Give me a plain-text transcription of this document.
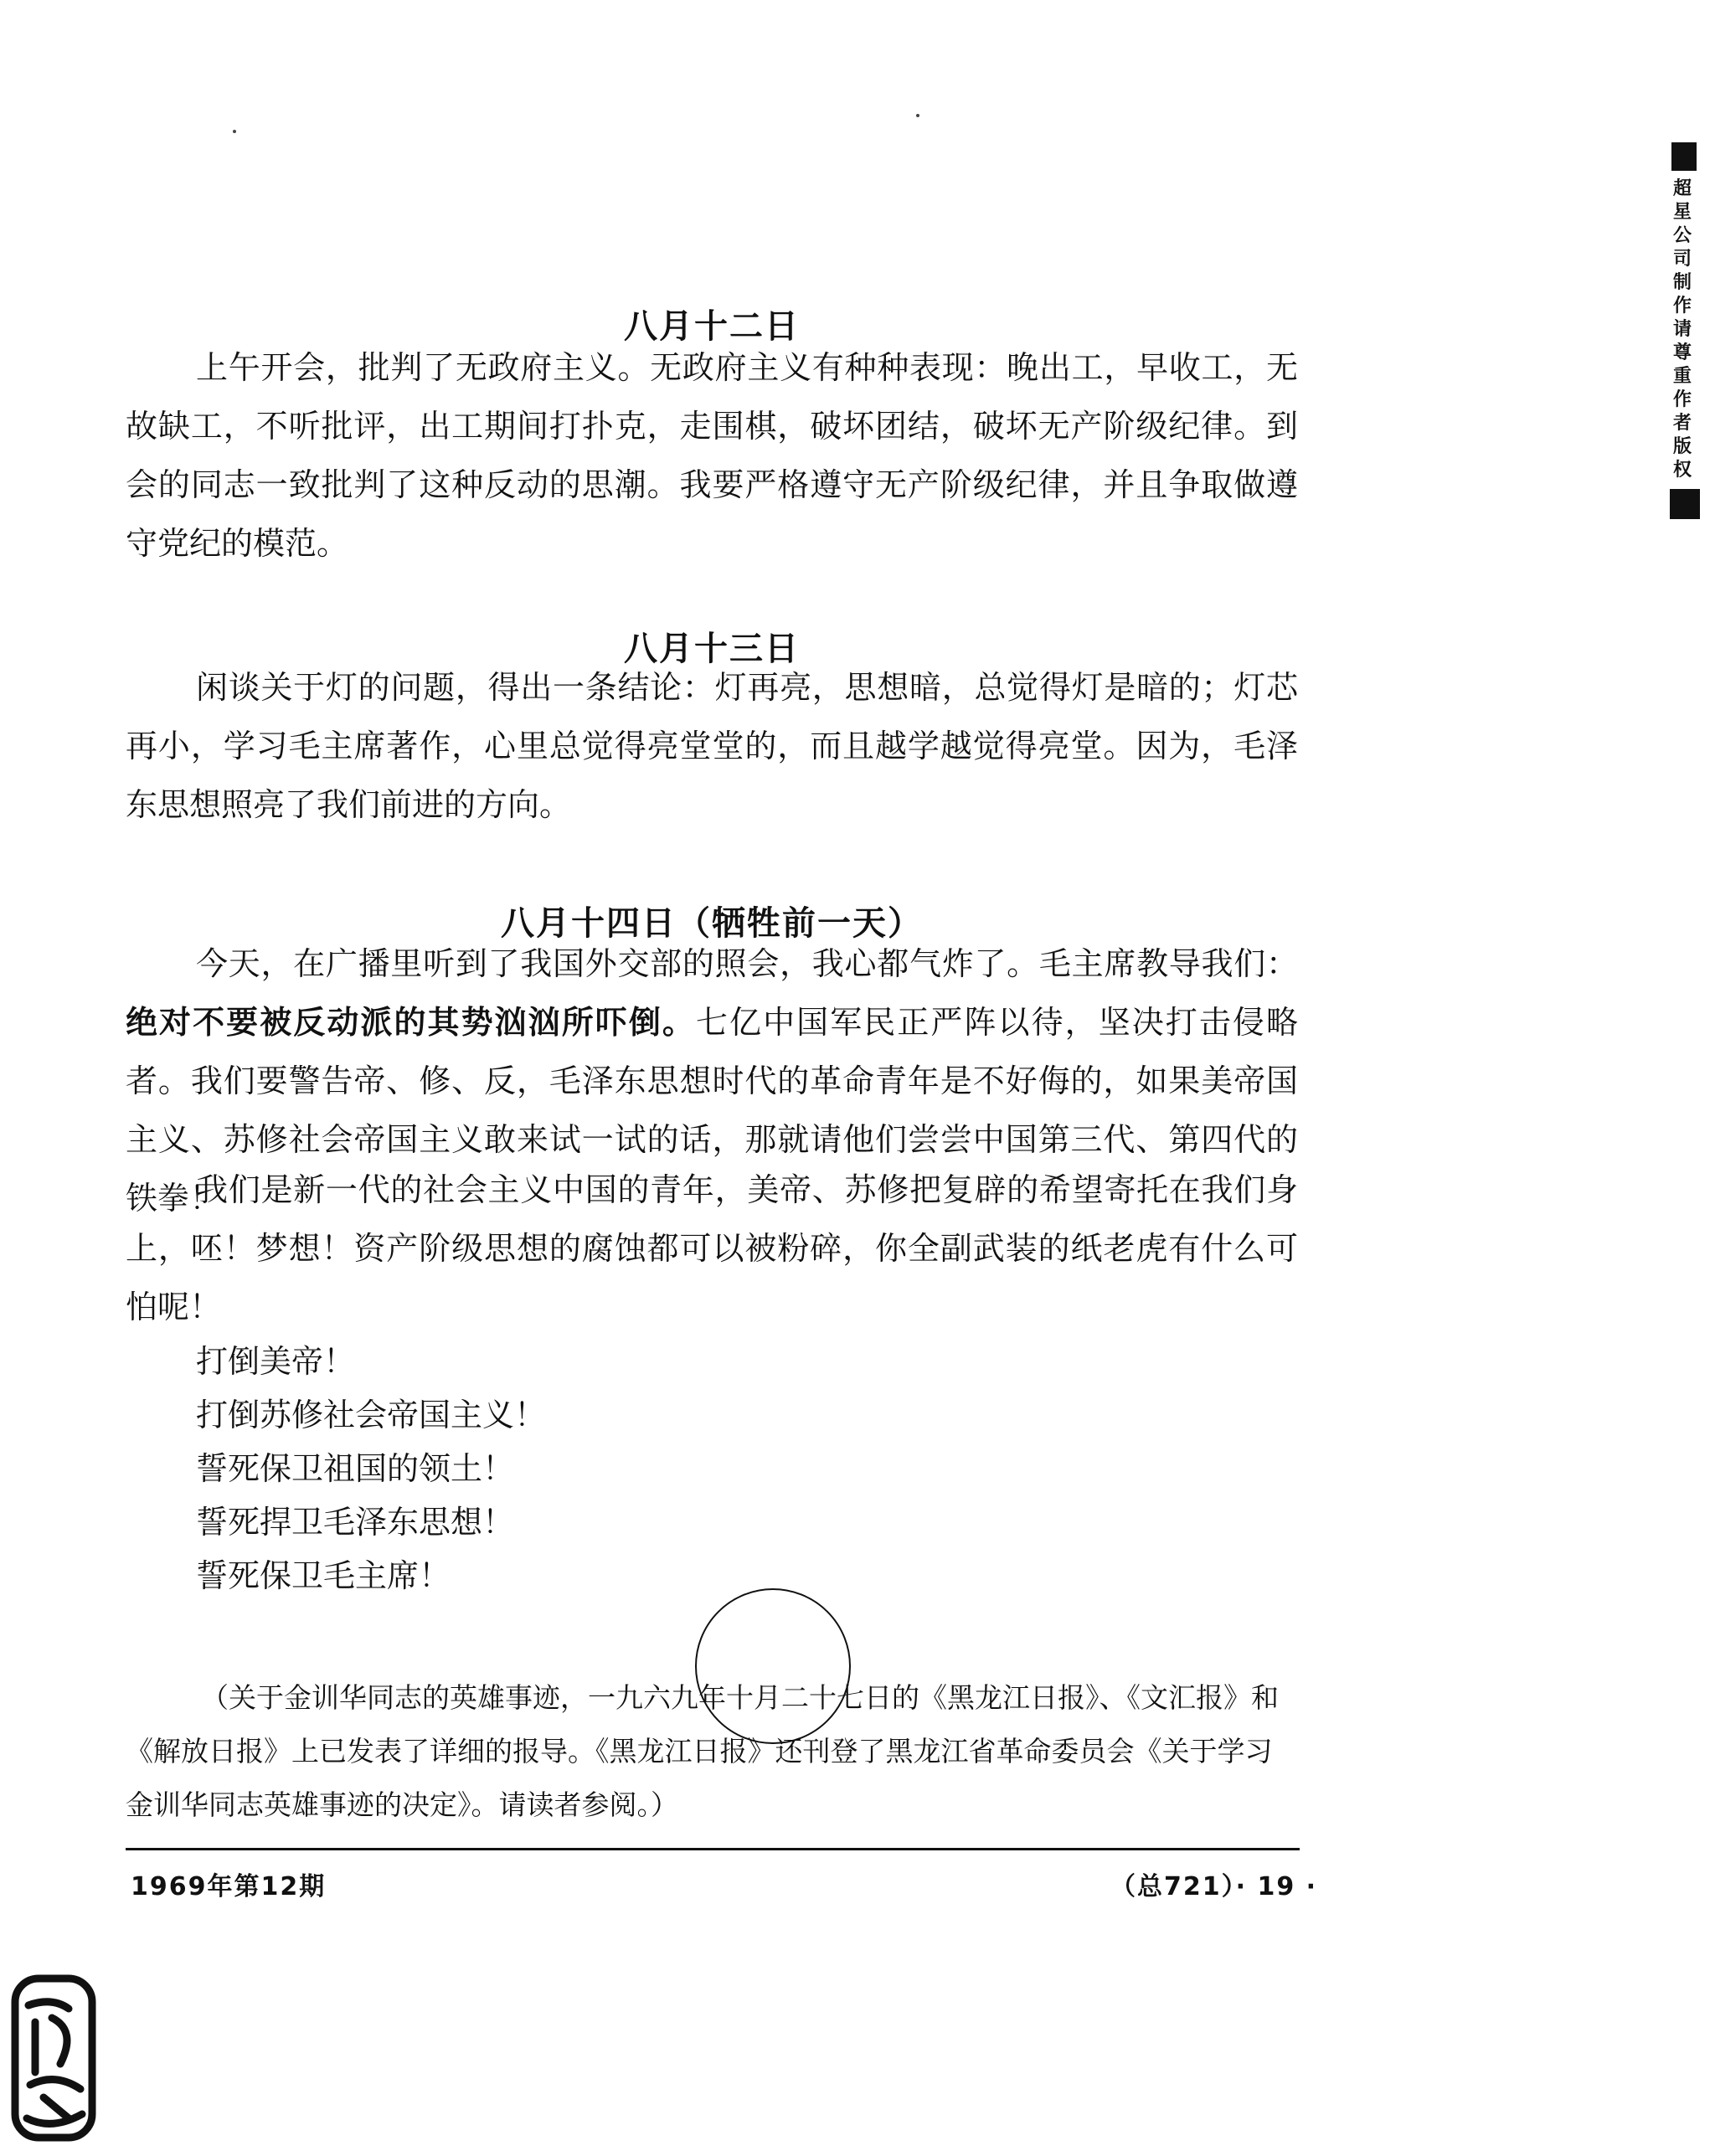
八月十二日

上午开会，批判了无政府主义。无政府主义有种种表现：晚出工，早收工，无故缺工，不听批评，出工期间打扑克，走围棋，破坏团结，破坏无产阶级纪律。到会的同志一致批判了这种反动的思潮。我要严格遵守无产阶级纪律，并且争取做遵守党纪的模范。

八月十三日

闲谈关于灯的问题，得出一条结论：灯再亮，思想暗，总觉得灯是暗的；灯芯再小，学习毛主席著作，心里总觉得亮堂堂的，而且越学越觉得亮堂。因为，毛泽东思想照亮了我们前进的方向。

八月十四日（牺牲前一天）

今天，在广播里听到了我国外交部的照会，我心都气炸了。毛主席教导我们：绝对不要被反动派的其势汹汹所吓倒。七亿中国军民正严阵以待，坚决打击侵略者。我们要警告帝、修、反，毛泽东思想时代的革命青年是不好侮的，如果美帝国主义、苏修社会帝国主义敢来试一试的话，那就请他们尝尝中国第三代、第四代的铁拳！

我们是新一代的社会主义中国的青年，美帝、苏修把复辟的希望寄托在我们身上，呸！梦想！资产阶级思想的腐蚀都可以被粉碎，你全副武装的纸老虎有什么可怕呢！

打倒美帝！

打倒苏修社会帝国主义！

誓死保卫祖国的领土！

誓死捍卫毛泽东思想！

誓死保卫毛主席！

（关于金训华同志的英雄事迹，一九六九年十月二十七日的《黑龙江日报》、《文汇报》和《解放日报》上已发表了详细的报导。《黑龙江日报》还刊登了黑龙江省革命委员会《关于学习金训华同志英雄事迹的决定》。请读者参阅。）

1969年第12期	（总721）· 19 ·
超星公司制作请尊重作者版权
